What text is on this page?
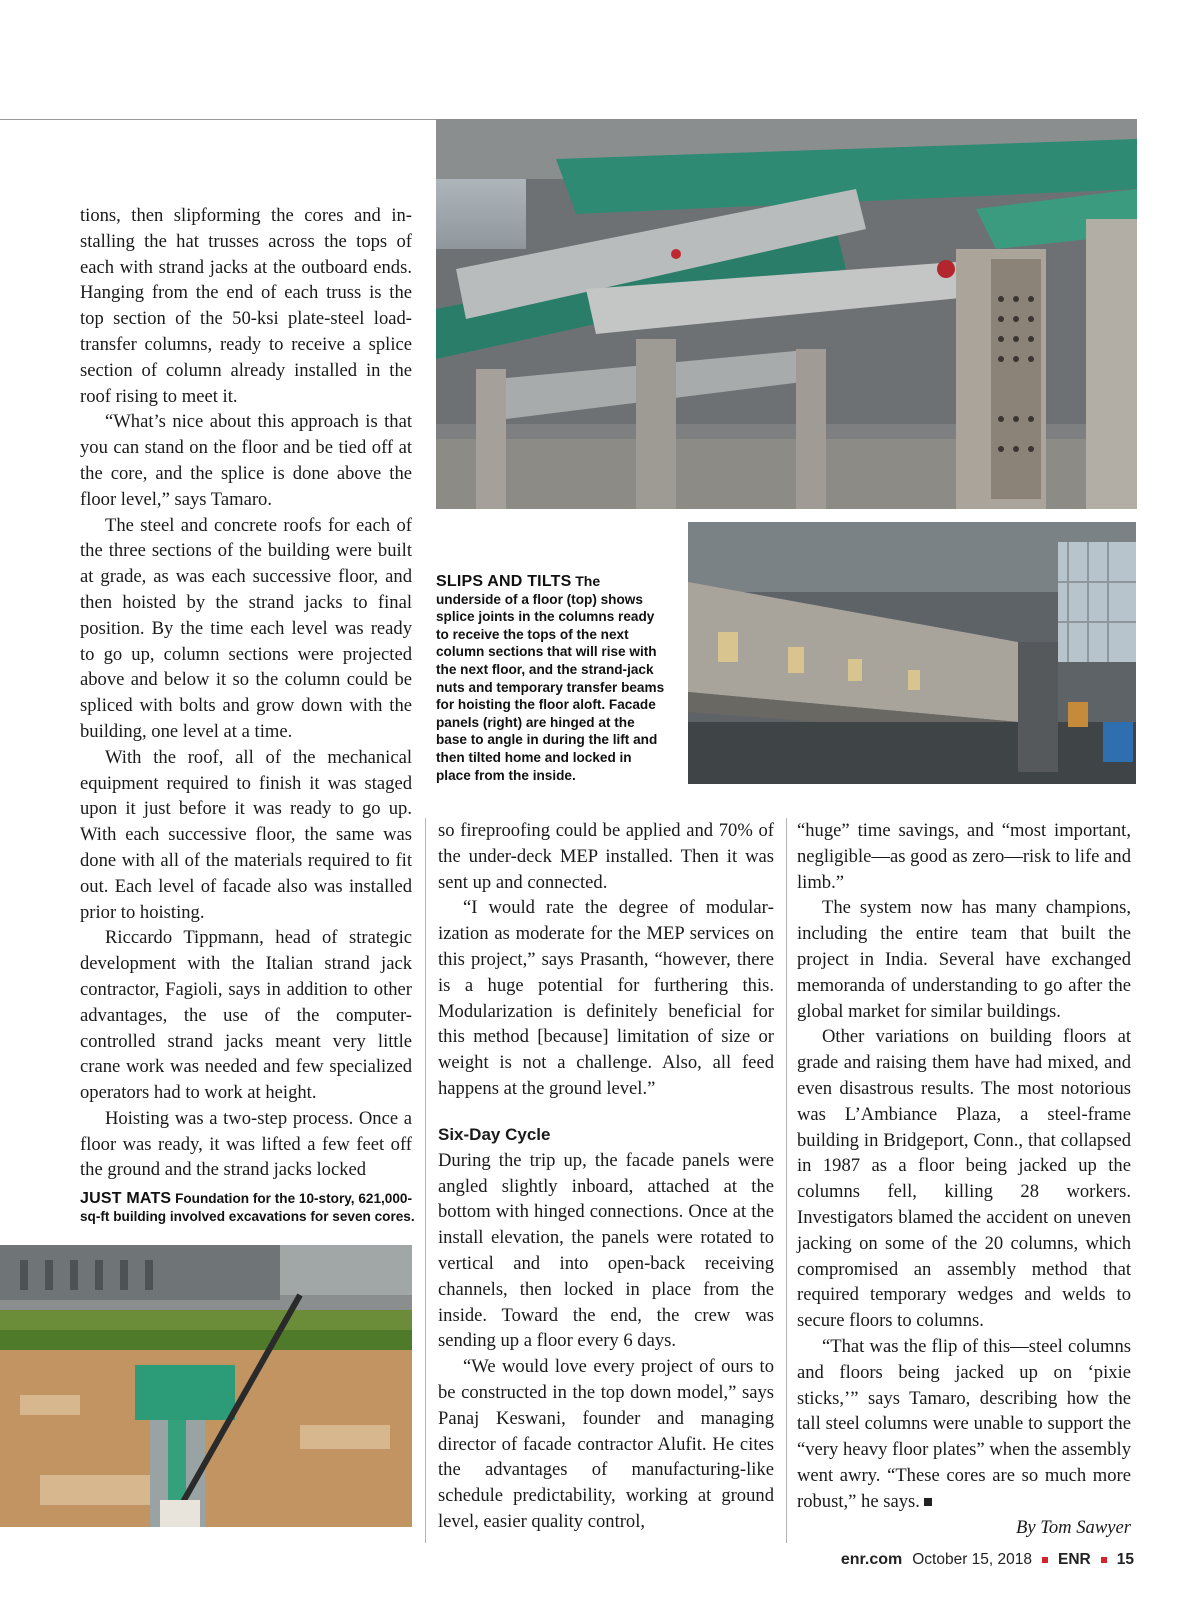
tions, then slipforming the cores and installing the hat trusses across the tops of each with strand jacks at the outboard ends. Hanging from the end of each truss is the top section of the 50-ksi plate-steel load-transfer columns, ready to receive a splice section of column already installed in the roof rising to meet it.

“What’s nice about this approach is that you can stand on the floor and be tied off at the core, and the splice is done above the floor level,” says Tamaro.

The steel and concrete roofs for each of the three sections of the building were built at grade, as was each successive floor, and then hoisted by the strand jacks to final position. By the time each level was ready to go up, column sections were projected above and below it so the column could be spliced with bolts and grow down with the building, one level at a time.

With the roof, all of the mechanical equipment required to finish it was staged upon it just before it was ready to go up. With each successive floor, the same was done with all of the materials required to fit out. Each level of facade also was installed prior to hoisting.

Riccardo Tippmann, head of strategic development with the Italian strand jack contractor, Fagioli, says in addition to other advantages, the use of the computer-controlled strand jacks meant very little crane work was needed and few specialized operators had to work at height.

Hoisting was a two-step process. Once a floor was ready, it was lifted a few feet off the ground and the strand jacks locked

so fireproofing could be applied and 70% of the under-deck MEP installed. Then it was sent up and connected.

“I would rate the degree of modularization as moderate for the MEP services on this project,” says Prasanth, “however, there is a huge potential for furthering this. Modularization is definitely beneficial for this method [because] limitation of size or weight is not a challenge. Also, all feed happens at the ground level.”

Six-Day Cycle

During the trip up, the facade panels were angled slightly inboard, attached at the bottom with hinged connections. Once at the install elevation, the panels were rotated to vertical and into open-back receiving channels, then locked in place from the inside. Toward the end, the crew was sending up a floor every 6 days.

“We would love every project of ours to be constructed in the top down model,” says Panaj Keswani, founder and managing director of facade contractor Alufit. He cites the advantages of manufacturing-like schedule predictability, working at ground level, easier quality control,

“huge” time savings, and “most important, negligible—as good as zero—risk to life and limb.”

The system now has many champions, including the entire team that built the project in India. Several have exchanged memoranda of understanding to go after the global market for similar buildings.

Other variations on building floors at grade and raising them have had mixed, and even disastrous results. The most notorious was L’Ambiance Plaza, a steel-frame building in Bridgeport, Conn., that collapsed in 1987 as a floor being jacked up the columns fell, killing 28 workers. Investigators blamed the accident on uneven jacking on some of the 20 columns, which compromised an assembly method that required temporary wedges and welds to secure floors to columns.

“That was the flip of this—steel columns and floors being jacked up on ‘pixie sticks,’” says Tamaro, describing how the tall steel columns were unable to support the “very heavy floor plates” when the assembly went awry. “These cores are so much more robust,” he says.

By Tom Sawyer

SLIPS AND TILTS The
underside of a floor (top) shows splice joints in the columns ready to receive the tops of the next column sections that will rise with the next floor, and the strand-jack nuts and temporary transfer beams for hoisting the floor aloft. Facade panels (right) are hinged at the base to angle in during the lift and then tilted home and locked in place from the inside.
JUST MATS Foundation for the 10-story, 621,000-sq-ft building involved excavations for seven cores.
enr.com October 15, 2018 ENR 15
